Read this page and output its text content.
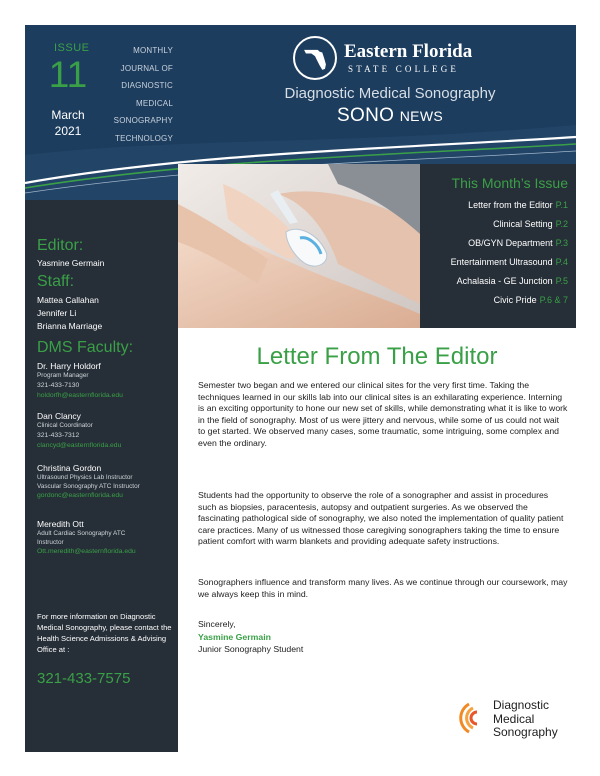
ISSUE
11
March
2021
MONTHLY
JOURNAL OF
DIAGNOSTIC
MEDICAL
SONOGRAPHY
TECHNOLOGY
Eastern Florida
STATE COLLEGE
Diagnostic Medical Sonography
SONO NEWS
Editor:
Yasmine Germain
Staff:
Mattea Callahan
Jennifer Li
Brianna Marriage
DMS Faculty:
Dr. Harry Holdorf
Program Manager
321-433-7130
holdorfh@easternflorida.edu
Dan Clancy
Clinical Coordinator
321-433-7312
clancyd@easternflorida.edu
Christina Gordon
Ultrasound Physics Lab Instructor
Vascular Sonography ATC Instructor
gordonc@easternflorida.edu
Meredith Ott
Adult Cardiac Sonography ATC
Instructor
Ott.meredith@easternflorida.edu
For more information on Diagnostic Medical Sonography, please contact the Health Science Admissions & Advising Office at :
321-433-7575
This Month’s Issue
Letter from the Editor P.1
Clinical Setting P.2
OB/GYN Department P.3
Entertainment Ultrasound P.4
Achalasia - GE Junction P.5
Civic Pride P.6 & 7
Letter From The Editor

Semester two began and we entered our clinical sites for the very first time. Taking the techniques learned in our skills lab into our clinical sites is an exhilarating experience. Interning is an exciting opportunity to hone our new set of skills, while demonstrating what it is like to work in the field of sonography. Most of us were jittery and nervous, while some of us could not wait to get started. We observed many cases, some traumatic, some intriguing, some complex and even the ordinary.

Students had the opportunity to observe the role of a sonographer and assist in procedures such as biopsies, paracentesis, autopsy and outpatient surgeries. As we observed the fascinating pathological side of sonography, we also noted the implementation of quality patient care practices. Many of us witnessed those caregiving sonographers taking the time to ensure patient comfort with warm blankets and providing adequate safety instructions.

Sonographers influence and transform many lives. As we continue through our coursework, may we always keep this in mind.

Sincerely,
Yasmine Germain
Junior Sonography Student
Diagnostic
Medical
Sonography
